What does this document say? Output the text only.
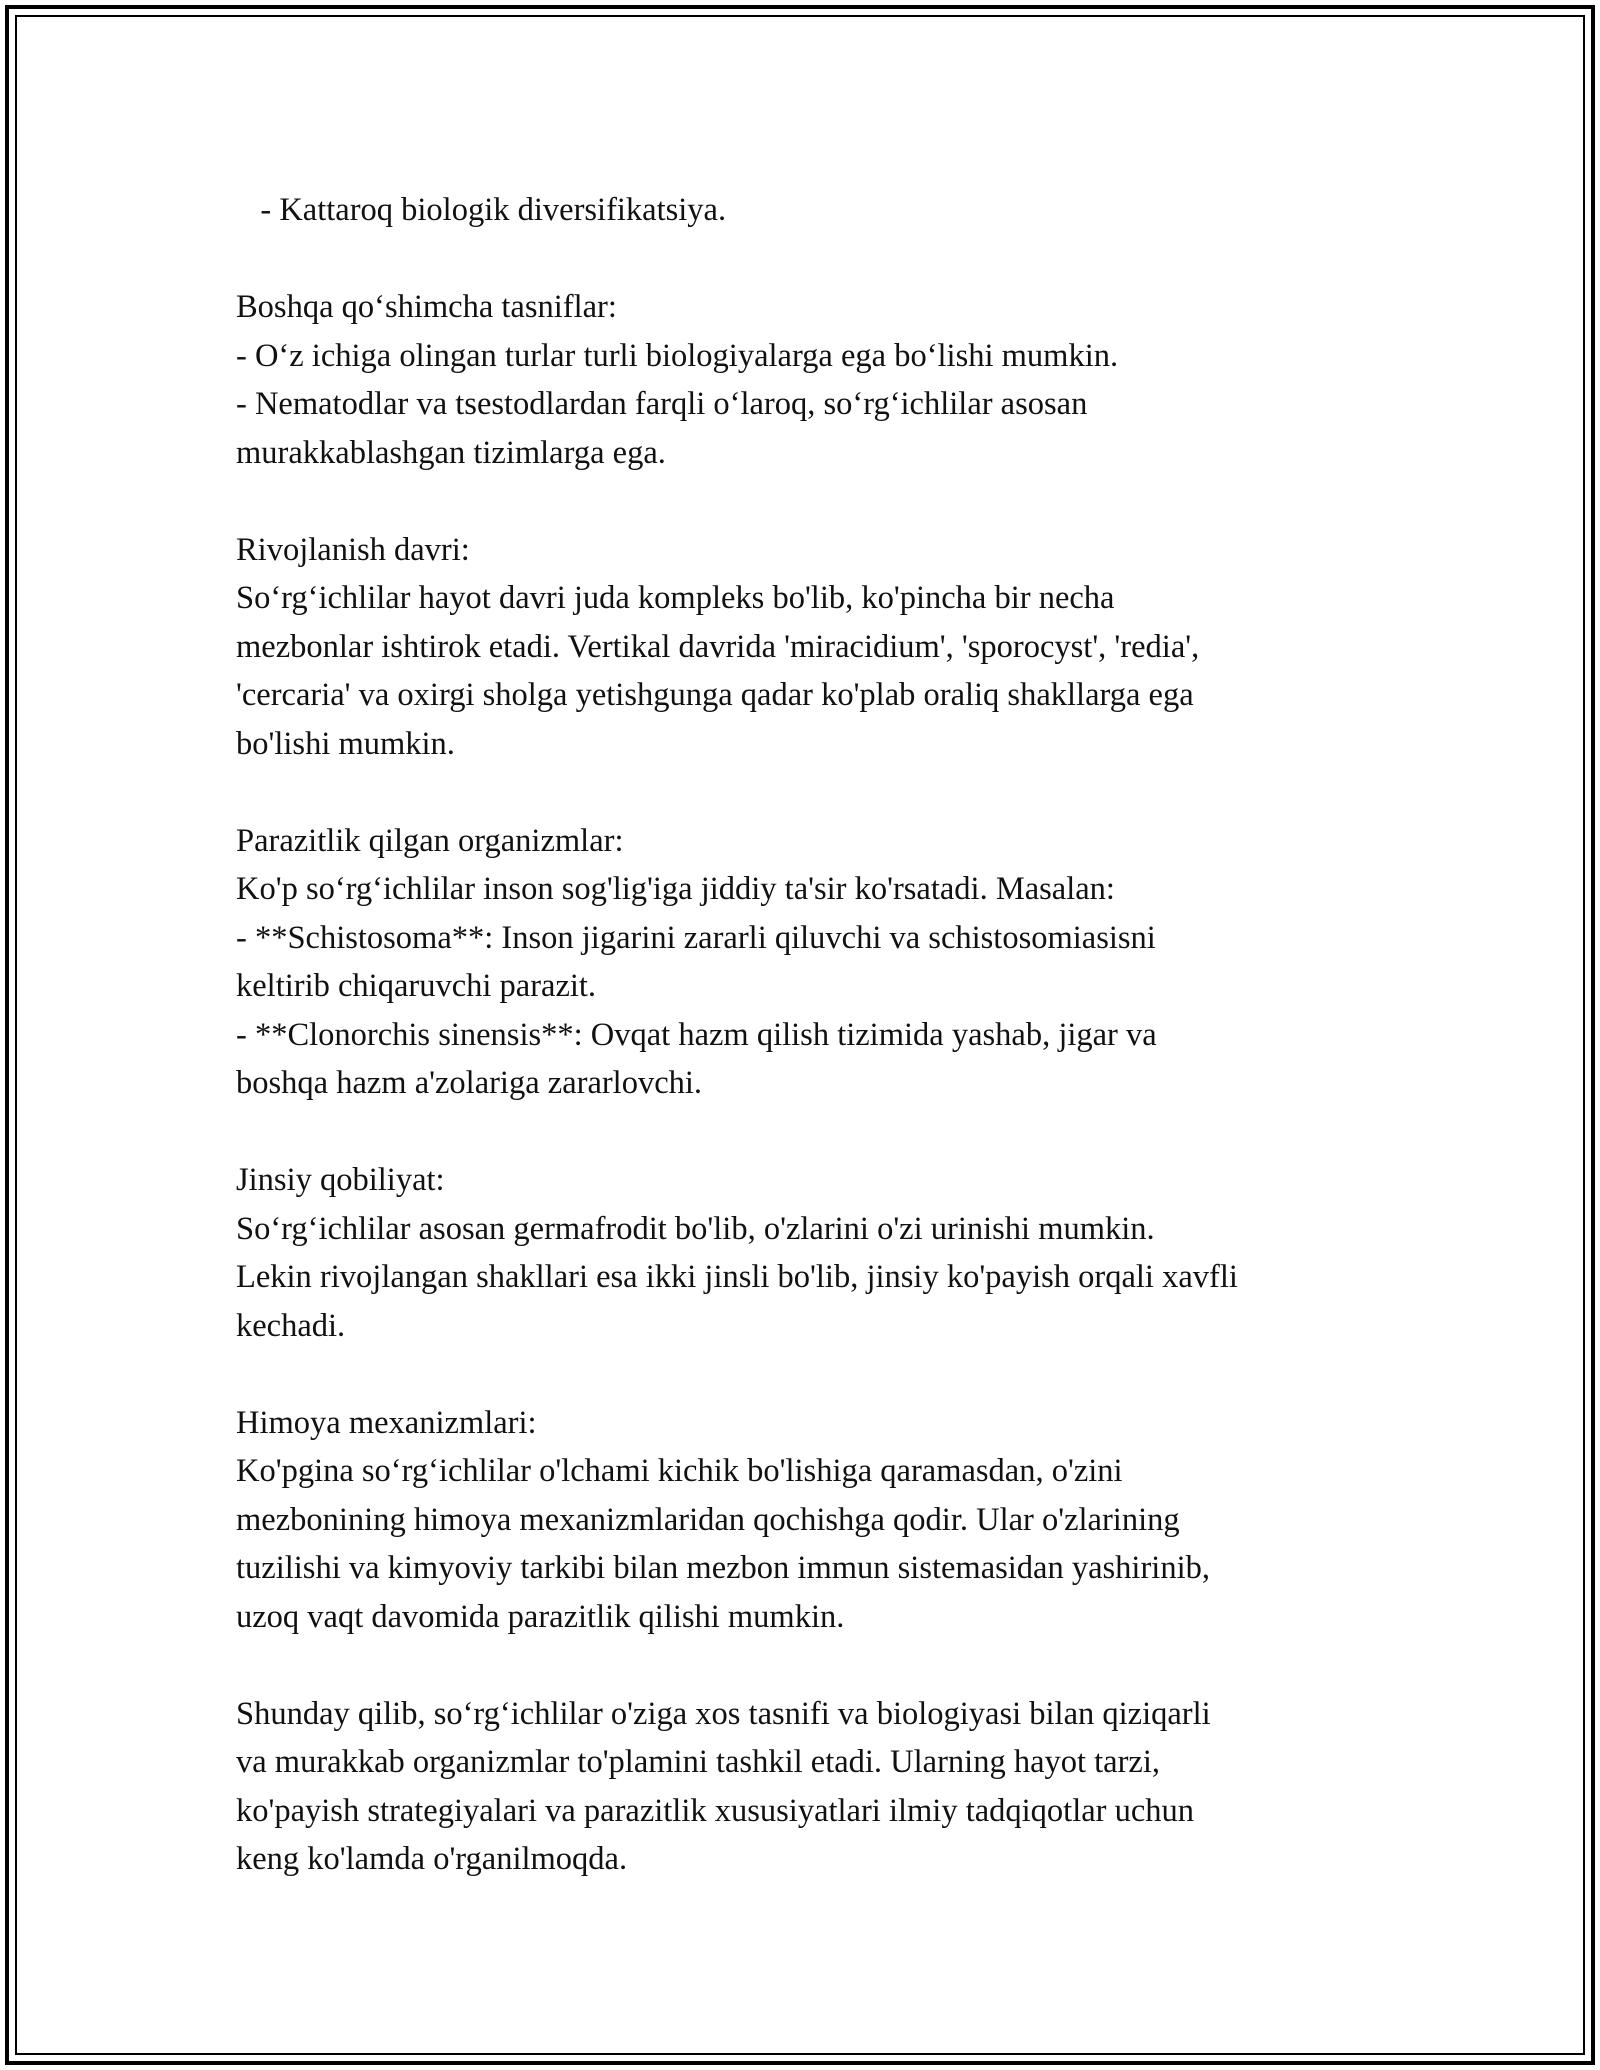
- Kattaroq biologik diversifikatsiya.
Boshqa qo‘shimcha tasniflar:
- O‘z ichiga olingan turlar turli biologiyalarga ega bo‘lishi mumkin.
- Nematodlar va tsestodlardan farqli o‘laroq, so‘rg‘ichlilar asosan
murakkablashgan tizimlarga ega.
Rivojlanish davri:
So‘rg‘ichlilar hayot davri juda kompleks bo'lib, ko'pincha bir necha
mezbonlar ishtirok etadi. Vertikal davrida 'miracidium', 'sporocyst', 'redia',
'cercaria' va oxirgi sholga yetishgunga qadar ko'plab oraliq shakllarga ega
bo'lishi mumkin.
Parazitlik qilgan organizmlar:
Ko'p so‘rg‘ichlilar inson sog'lig'iga jiddiy ta'sir ko'rsatadi. Masalan:
- **Schistosoma**: Inson jigarini zararli qiluvchi va schistosomiasisni
keltirib chiqaruvchi parazit.
- **Clonorchis sinensis**: Ovqat hazm qilish tizimida yashab, jigar va
boshqa hazm a'zolariga zararlovchi.
Jinsiy qobiliyat:
So‘rg‘ichlilar asosan germafrodit bo'lib, o'zlarini o'zi urinishi mumkin.
Lekin rivojlangan shakllari esa ikki jinsli bo'lib, jinsiy ko'payish orqali xavfli
kechadi.
Himoya mexanizmlari:
Ko'pgina so‘rg‘ichlilar o'lchami kichik bo'lishiga qaramasdan, o'zini
mezbonining himoya mexanizmlaridan qochishga qodir. Ular o'zlarining
tuzilishi va kimyoviy tarkibi bilan mezbon immun sistemasidan yashirinib,
uzoq vaqt davomida parazitlik qilishi mumkin.
Shunday qilib, so‘rg‘ichlilar o'ziga xos tasnifi va biologiyasi bilan qiziqarli
va murakkab organizmlar to'plamini tashkil etadi. Ularning hayot tarzi,
ko'payish strategiyalari va parazitlik xususiyatlari ilmiy tadqiqotlar uchun
keng ko'lamda o'rganilmoqda.
